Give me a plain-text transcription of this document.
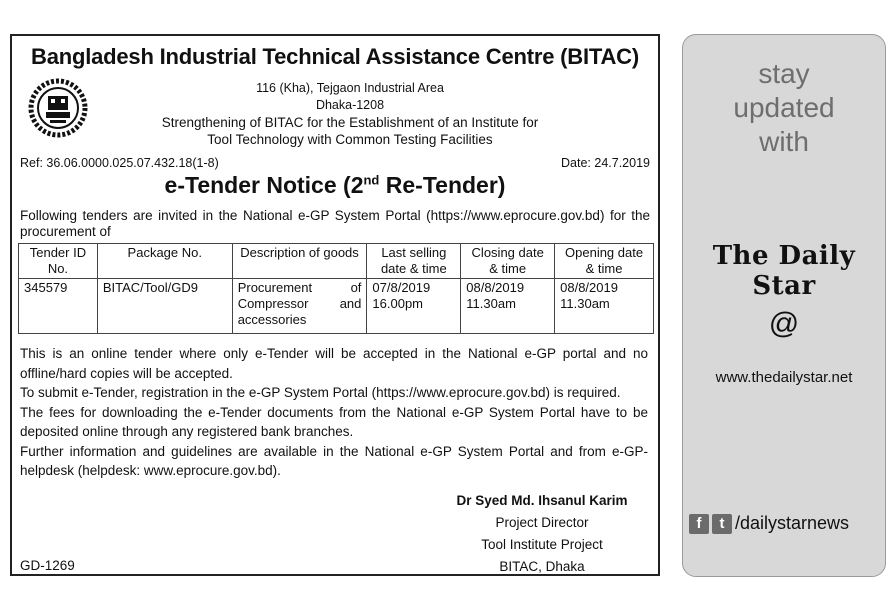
Bangladesh Industrial Technical Assistance Centre (BITAC)
116 (Kha), Tejgaon Industrial Area
Dhaka-1208
Strengthening of BITAC for the Establishment of an Institute for
Tool Technology with Common Testing Facilities
Ref: 36.06.0000.025.07.432.18(1-8)	Date: 24.7.2019
e-Tender Notice (2nd Re-Tender)
Following tenders are invited in the National e-GP System Portal (https://www.eprocure.gov.bd) for the procurement of
Tender ID No.	Package No.	Description of goods	Last selling date & time	Closing date & time	Opening date & time
345579	BITAC/Tool/GD9	Procurement of Compressor and accessories	07/8/2019 16.00pm	08/8/2019 11.30am	08/8/2019 11.30am

This is an online tender where only e-Tender will be accepted in the National e-GP portal and no offline/hard copies will be accepted.

To submit e-Tender, registration in the e-GP System Portal (https://www.eprocure.gov.bd) is required.

The fees for downloading the e-Tender documents from the National e-GP System Portal have to be deposited online through any registered bank branches.

Further information and guidelines are available in the National e-GP System Portal and from e-GP-helpdesk (helpdesk: www.eprocure.gov.bd).

Dr Syed Md. Ihsanul Karim
Project Director
Tool Institute Project
BITAC, Dhaka
GD-1269
stay
updated
with
The Daily Star
@
www.thedailystar.net
f	t /dailystarnews
